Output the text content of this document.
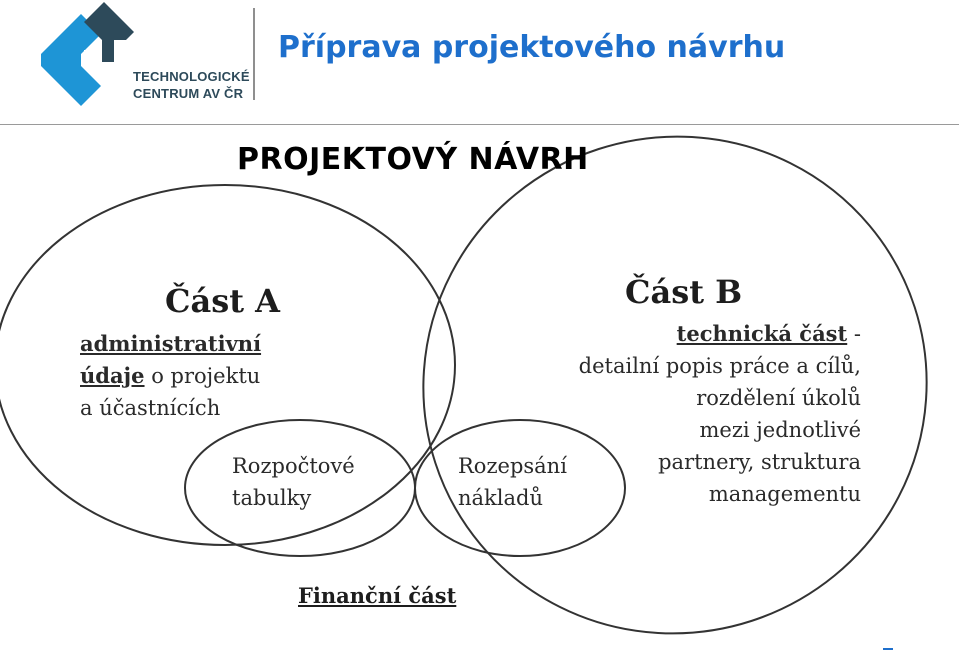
TECHNOLOGICKÉ
CENTRUM AV ČR
Příprava projektového návrhu
PROJEKTOVÝ NÁVRH
Část A
administrativní
údaje o projektu
a účastnících
Část B
technická část -
detailní popis práce a cílů,
rozdělení úkolů
mezi jednotlivé
partnery, struktura
managementu
Rozpočtové
tabulky
Rozepsání
nákladů
Finanční část
